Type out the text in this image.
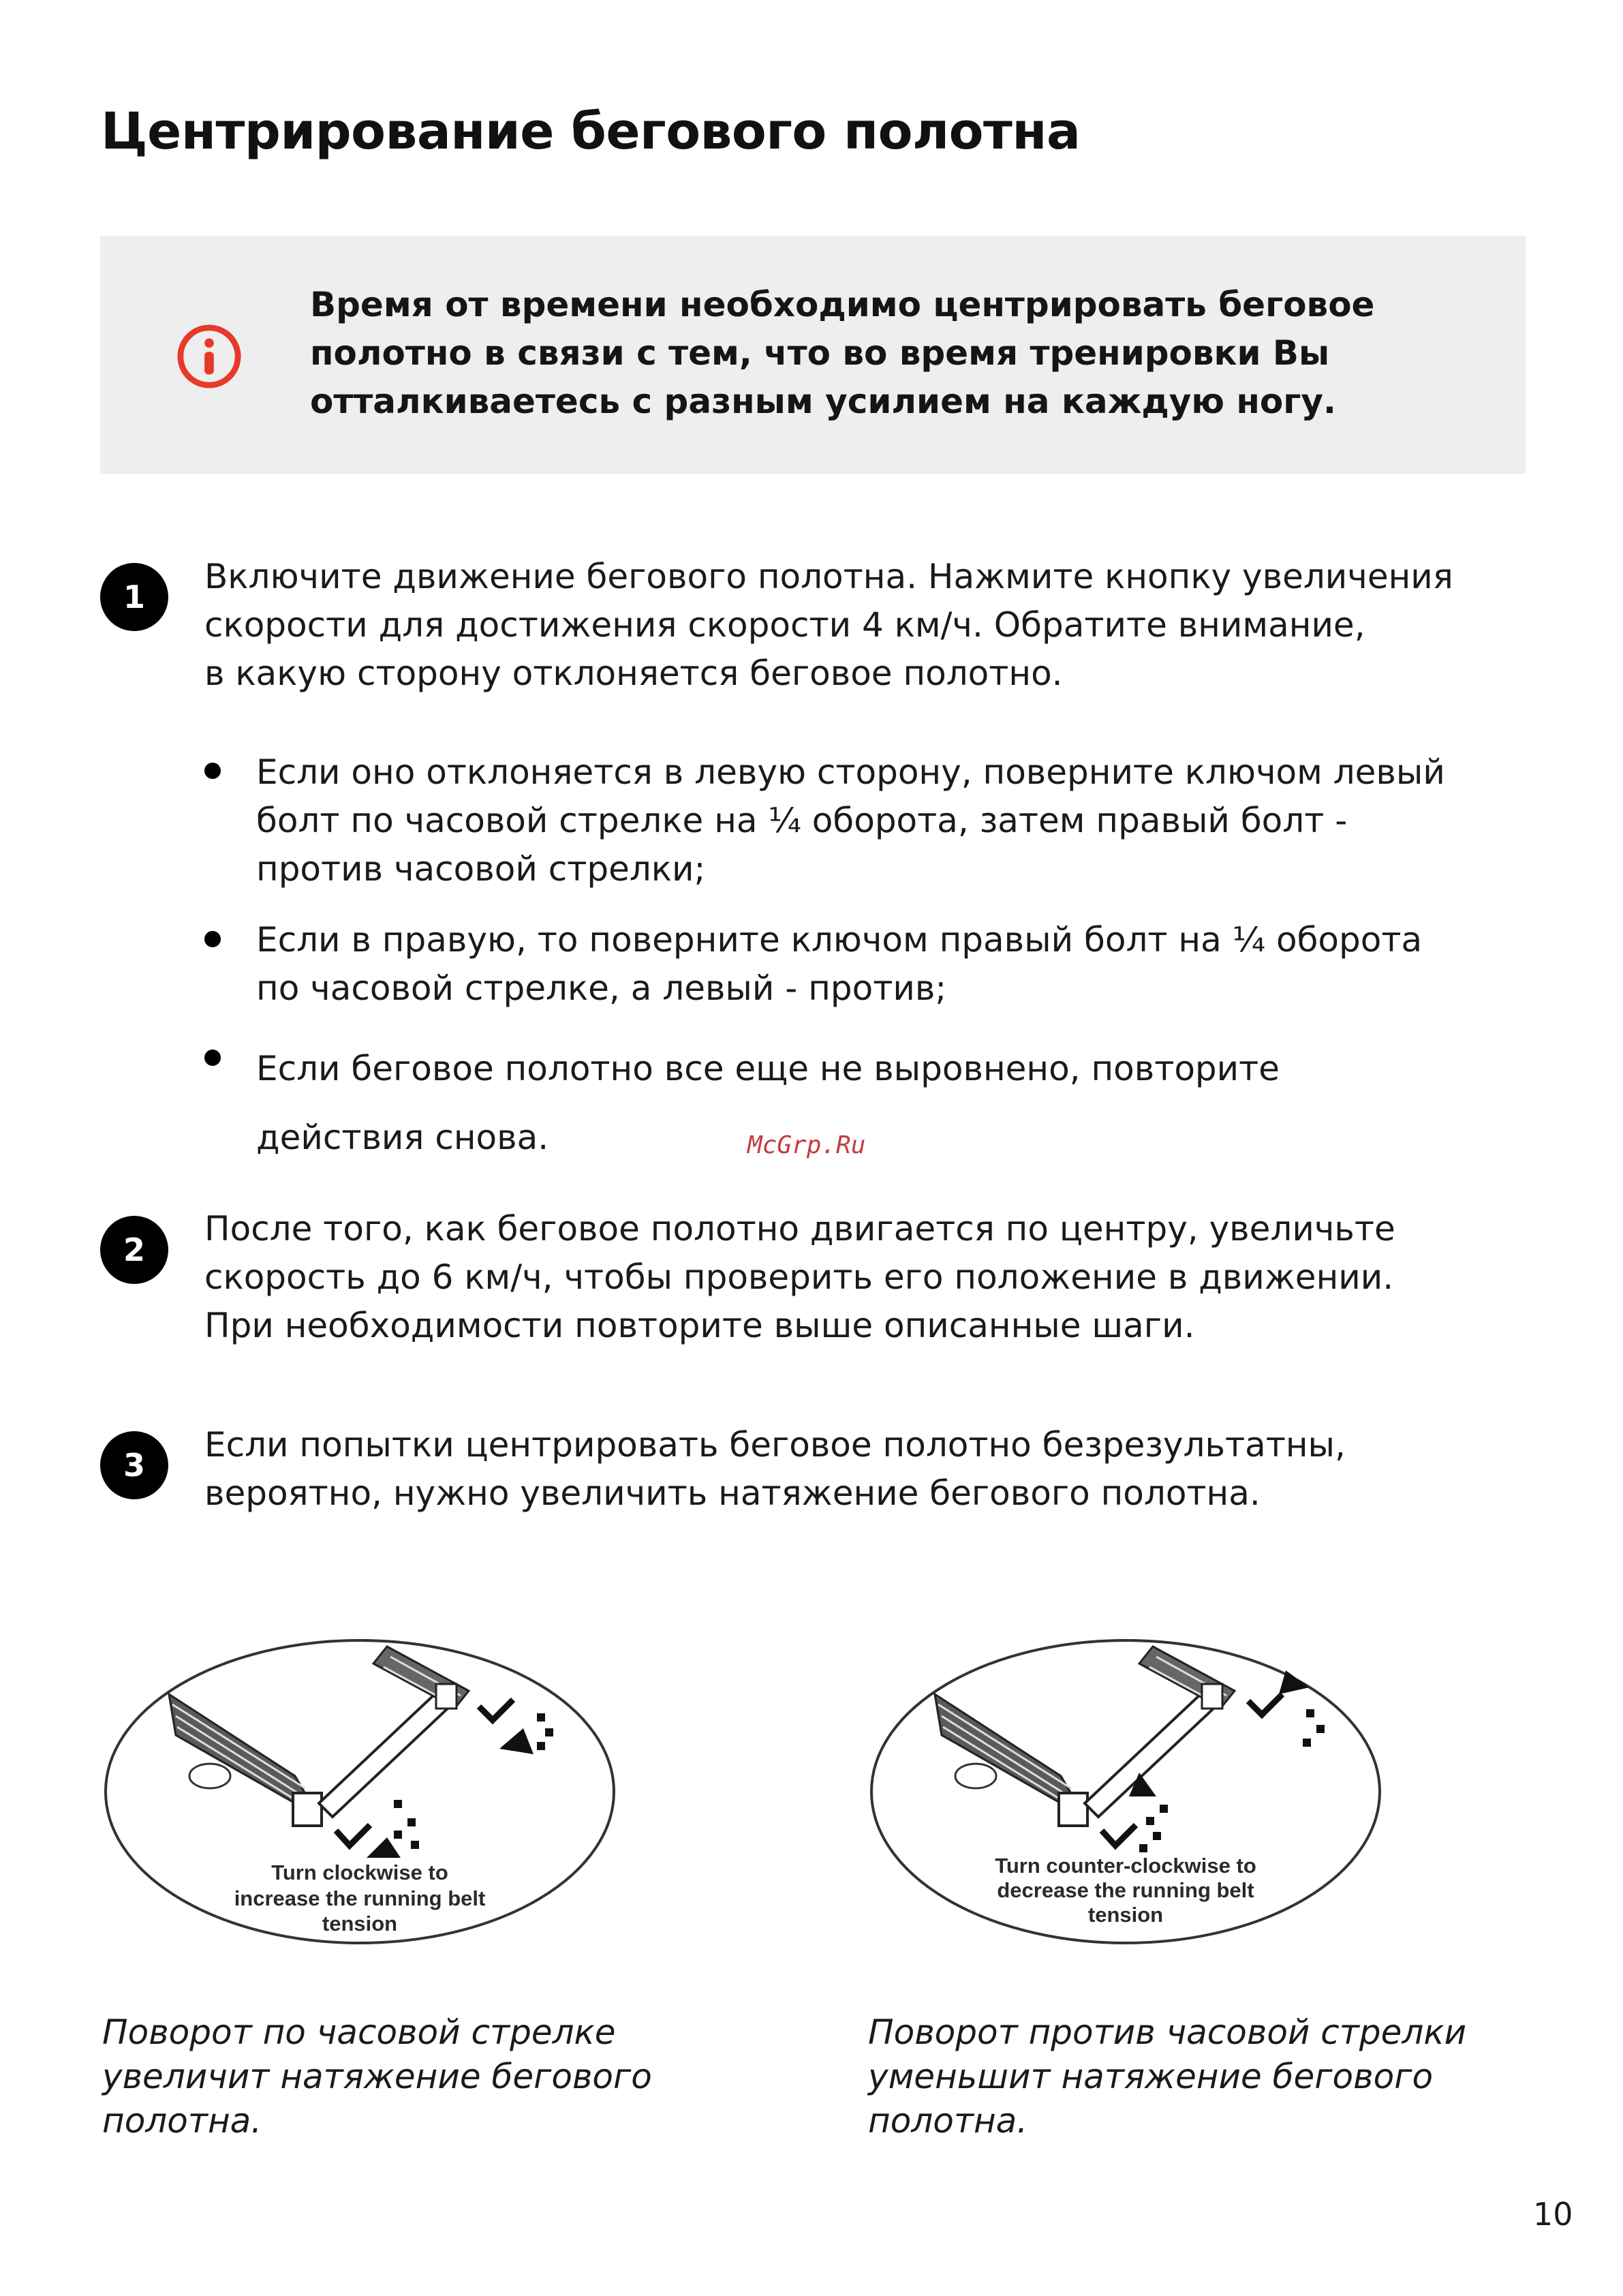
Центрирование бегового полотна
Время от времени необходимо центрировать беговое
полотно в связи с тем, что во время тренировки Вы
отталкиваетесь с разным усилием на каждую ногу.
1
Включите движение бегового полотна. Нажмите кнопку увеличения
скорости для достижения скорости 4 км/ч. Обратите внимание,
в какую сторону отклоняется беговое полотно.
Если оно отклоняется в левую сторону, поверните ключом левый
болт по часовой стрелке на ¼ оборота, затем правый болт -
против часовой стрелки;
Если в правую, то поверните ключом правый болт на ¼ оборота
по часовой стрелке, а левый - против;
Если беговое полотно все еще не выровнено, повторите
действия снова.	McGrp.Ru
2
После того, как беговое полотно двигается по центру, увеличьте
скорость до 6 км/ч, чтобы проверить его положение в движении.
При необходимости повторите выше описанные шаги.
3
Если попытки центрировать беговое полотно безрезультатны,
вероятно, нужно увеличить натяжение бегового полотна.
Turn clockwise to
increase the running belt
tension
Turn counter-clockwise to
decrease the running belt
tension
Поворот по часовой стрелке
увеличит натяжение бегового
полотна.
Поворот против часовой стрелки
уменьшит натяжение бегового
полотна.
10
